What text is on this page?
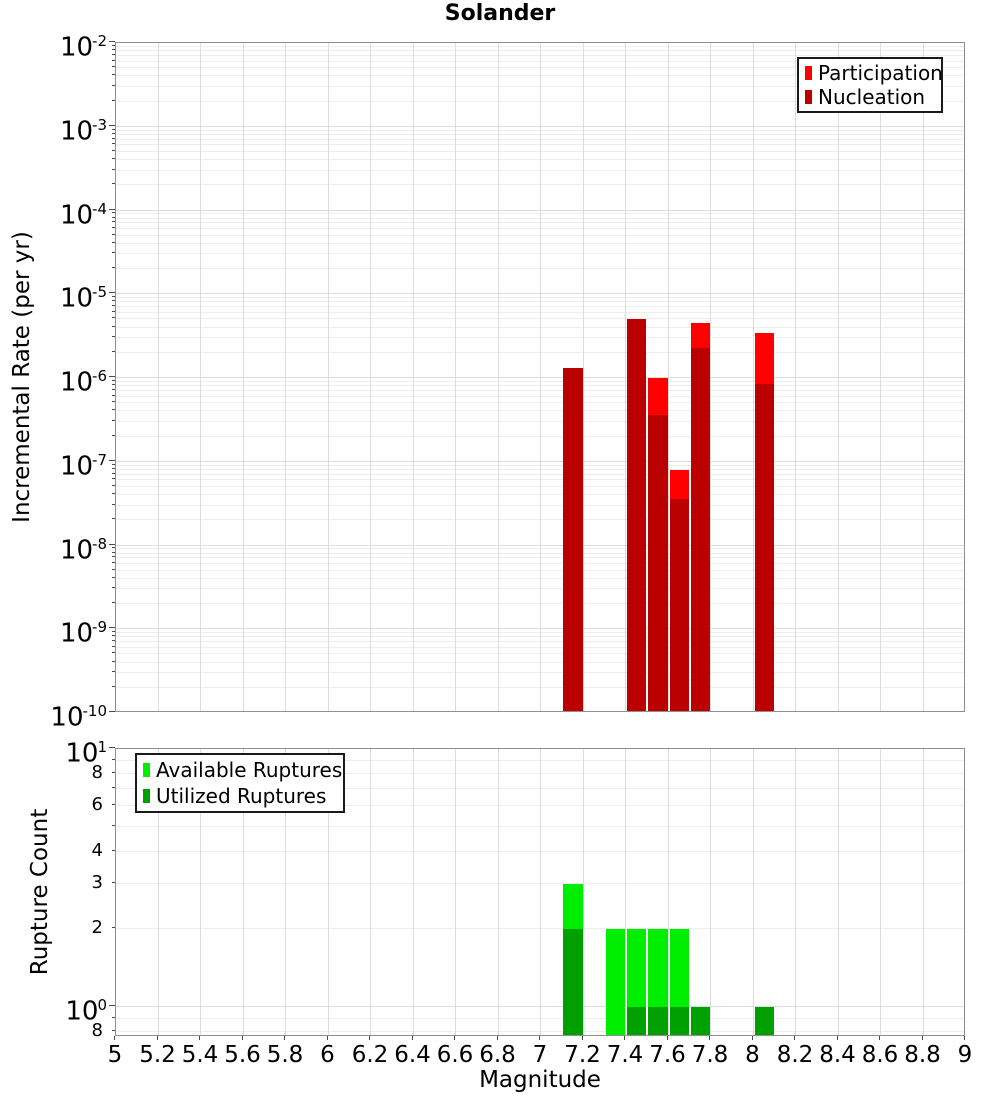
Solander
$10^{-2}$
$10^{-3}$
$10^{-4}$
$10^{-5}$
$10^{-6}$
$10^{-7}$
$10^{-8}$
$10^{-9}$
$10^{-10}$
$10^1$
$10^0$
8
6
4
3
2
8
5 5.2 5.4 5.6 5.8 6 6.2 6.4 6.6 6.8 7 7.2 7.4 7.6 7.8 8 8.2 8.4 8.6 8.8 9
Incremental Rate (per yr)
Rupture Count
Magnitude
Participation
Nucleation
Available Ruptures
Utilized Ruptures
